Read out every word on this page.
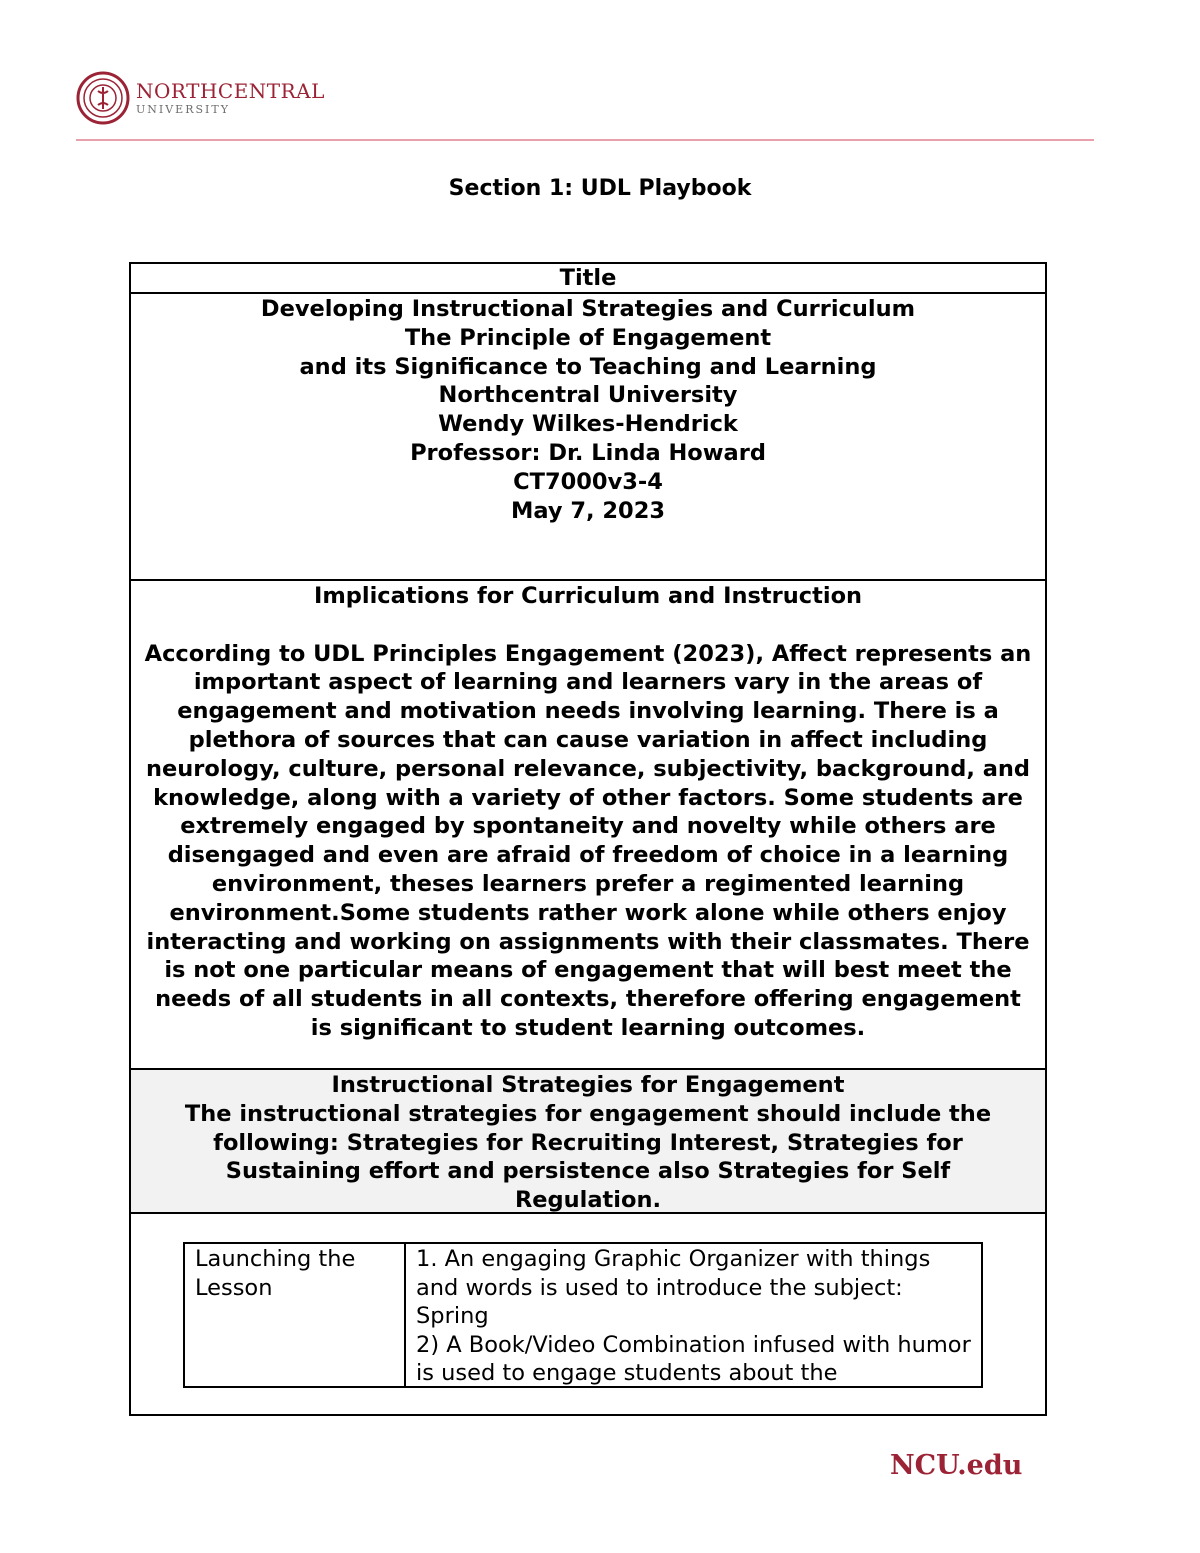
NORTHCENTRAL
UNIVERSITY
Section 1: UDL Playbook
Title
Developing Instructional Strategies and Curriculum
The Principle of Engagement
and its Significance to Teaching and Learning
Northcentral University
Wendy Wilkes-Hendrick
Professor: Dr. Linda Howard
CT7000v3-4
May 7, 2023
Implications for Curriculum and Instruction
According to UDL Principles Engagement (2023), Affect represents an important aspect of learning and learners vary in the areas of engagement and motivation needs involving learning. There is a plethora of sources that can cause variation in affect including neurology, culture, personal relevance, subjectivity, background, and knowledge, along with a variety of other factors. Some students are extremely engaged by spontaneity and novelty while others are disengaged and even are afraid of freedom of choice in a learning environment, theses learners prefer a regimented learning environment.Some students rather work alone while others enjoy interacting and working on assignments with their classmates. There is not one particular means of engagement that will best meet the needs of all students in all contexts, therefore offering engagement is significant to student learning outcomes.
Instructional Strategies for Engagement
The instructional strategies for engagement should include the following: Strategies for Recruiting Interest, Strategies for Sustaining effort and persistence also Strategies for Self Regulation.
Launching the Lesson
1. An engaging Graphic Organizer with things and words is used to introduce the subject: Spring
2) A Book/Video Combination infused with humor is used to engage students about the
NCU.edu
